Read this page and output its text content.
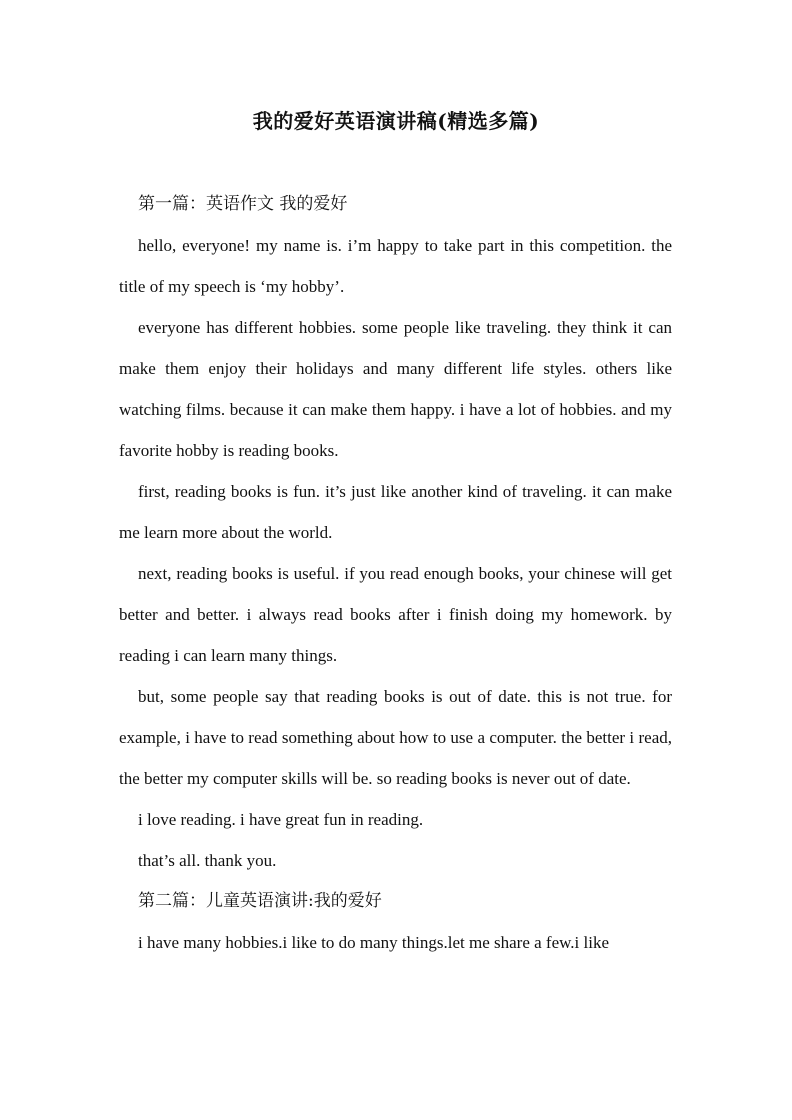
我的爱好英语演讲稿(精选多篇)

第一篇：英语作文 我的爱好

hello, everyone! my name is. i’m happy to take part in this competition. the title of my speech is ‘my hobby’.

everyone has different hobbies. some people like traveling. they think it can make them enjoy their holidays and many different life styles. others like watching films. because it can make them happy. i have a lot of hobbies. and my favorite hobby is reading books.

first, reading books is fun. it’s just like another kind of traveling. it can make me learn more about the world.

next, reading books is useful. if you read enough books, your chinese will get better and better. i always read books after i finish doing my homework. by reading i can learn many things.

but, some people say that reading books is out of date. this is not true. for example, i have to read something about how to use a computer. the better i read, the better my computer skills will be. so reading books is never out of date.

i love reading. i have great fun in reading.

that’s all. thank you.

第二篇：儿童英语演讲:我的爱好

i have many hobbies.i like to do many things.let me share a few.i like
